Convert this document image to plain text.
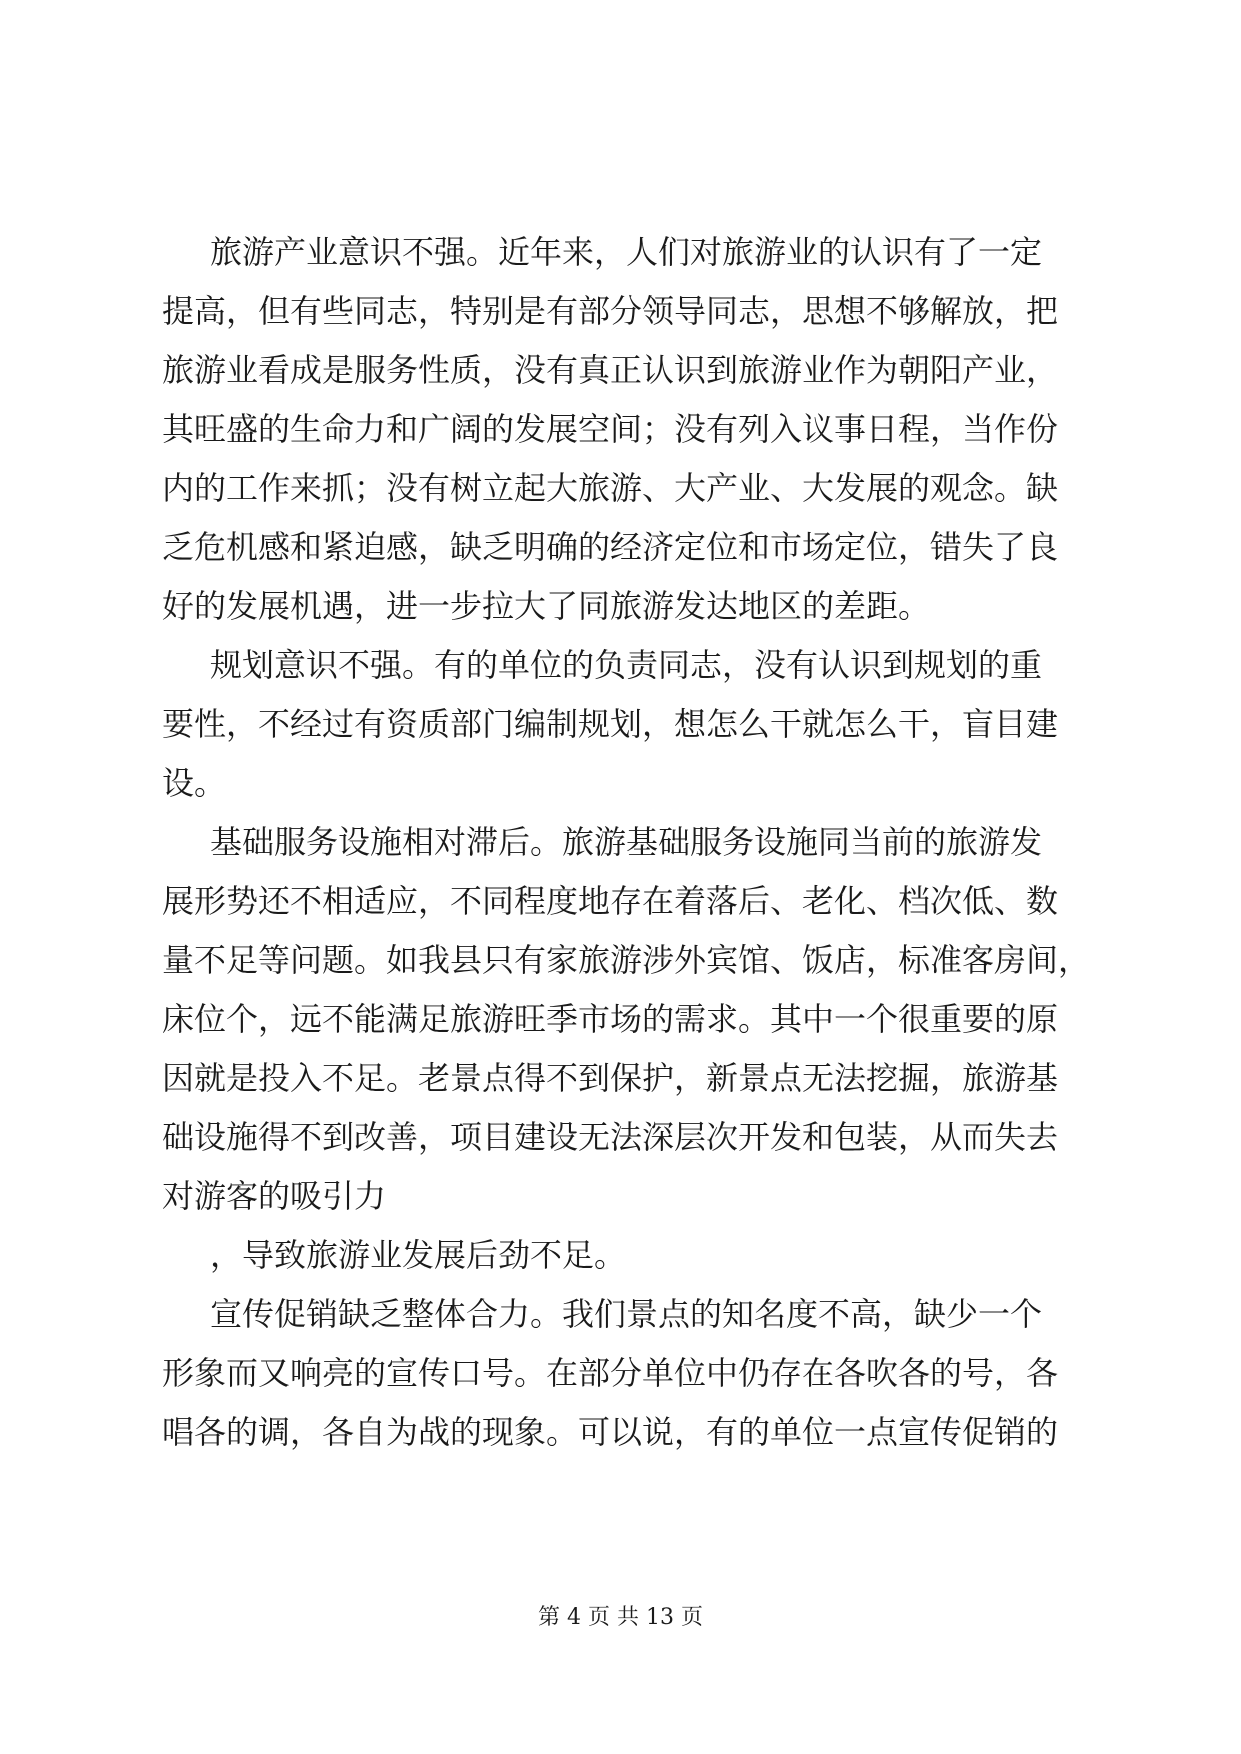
旅游产业意识不强。近年来，人们对旅游业的认识有了一定
提高，但有些同志，特别是有部分领导同志，思想不够解放，把
旅游业看成是服务性质，没有真正认识到旅游业作为朝阳产业，
其旺盛的生命力和广阔的发展空间；没有列入议事日程，当作份
内的工作来抓；没有树立起大旅游、大产业、大发展的观念。缺
乏危机感和紧迫感，缺乏明确的经济定位和市场定位，错失了良
好的发展机遇，进一步拉大了同旅游发达地区的差距。
规划意识不强。有的单位的负责同志，没有认识到规划的重
要性，不经过有资质部门编制规划，想怎么干就怎么干，盲目建
设。
基础服务设施相对滞后。旅游基础服务设施同当前的旅游发
展形势还不相适应，不同程度地存在着落后、老化、档次低、数
量不足等问题。如我县只有家旅游涉外宾馆、饭店，标准客房间，
床位个，远不能满足旅游旺季市场的需求。其中一个很重要的原
因就是投入不足。老景点得不到保护，新景点无法挖掘，旅游基
础设施得不到改善，项目建设无法深层次开发和包装，从而失去
对游客的吸引力
，导致旅游业发展后劲不足。
宣传促销缺乏整体合力。我们景点的知名度不高，缺少一个
形象而又响亮的宣传口号。在部分单位中仍存在各吹各的号，各
唱各的调，各自为战的现象。可以说，有的单位一点宣传促销的
第 4 页 共 13 页
